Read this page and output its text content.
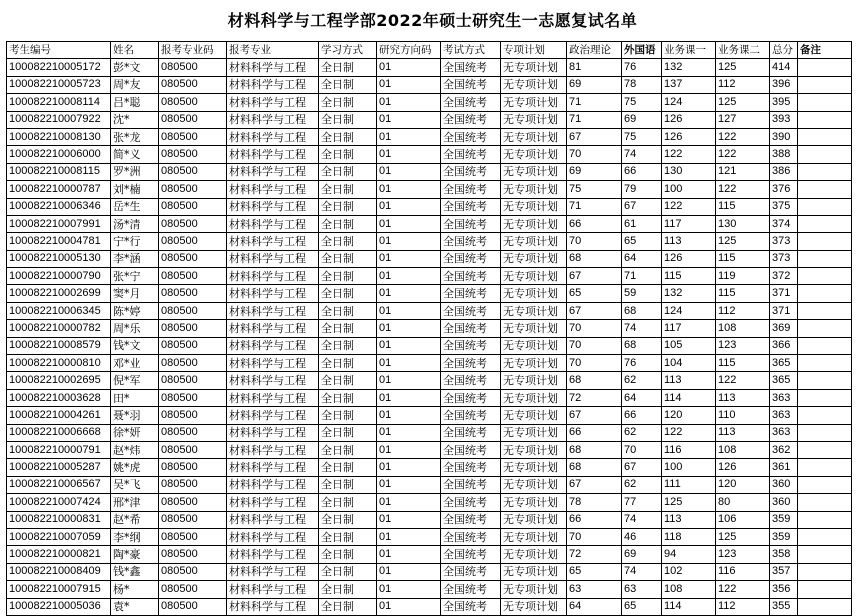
材料科学与工程学部2022年硕士研究生一志愿复试名单
考生编号	姓名	报考专业码	报考专业	学习方式	研究方向码	考试方式	专项计划	政治理论	外国语	业务课一	业务课二	总分	备注
100082210005172	彭*文	080500	材料科学与工程	全日制	01	全国统考	无专项计划	81	76	132	125	414	
100082210005723	周*友	080500	材料科学与工程	全日制	01	全国统考	无专项计划	69	78	137	112	396	
100082210008114	吕*聪	080500	材料科学与工程	全日制	01	全国统考	无专项计划	71	75	124	125	395	
100082210007922	沈*	080500	材料科学与工程	全日制	01	全国统考	无专项计划	71	69	126	127	393	
100082210008130	张*龙	080500	材料科学与工程	全日制	01	全国统考	无专项计划	67	75	126	122	390	
100082210006000	简*义	080500	材料科学与工程	全日制	01	全国统考	无专项计划	70	74	122	122	388	
100082210008115	罗*洲	080500	材料科学与工程	全日制	01	全国统考	无专项计划	69	66	130	121	386	
100082210000787	刘*楠	080500	材料科学与工程	全日制	01	全国统考	无专项计划	75	79	100	122	376	
100082210006346	岳*生	080500	材料科学与工程	全日制	01	全国统考	无专项计划	71	67	122	115	375	
100082210007991	汤*清	080500	材料科学与工程	全日制	01	全国统考	无专项计划	66	61	117	130	374	
100082210004781	宁*行	080500	材料科学与工程	全日制	01	全国统考	无专项计划	70	65	113	125	373	
100082210005130	李*涵	080500	材料科学与工程	全日制	01	全国统考	无专项计划	68	64	126	115	373	
100082210000790	张*宁	080500	材料科学与工程	全日制	01	全国统考	无专项计划	67	71	115	119	372	
100082210002699	窦*月	080500	材料科学与工程	全日制	01	全国统考	无专项计划	65	59	132	115	371	
100082210006345	陈*婷	080500	材料科学与工程	全日制	01	全国统考	无专项计划	67	68	124	112	371	
100082210000782	周*乐	080500	材料科学与工程	全日制	01	全国统考	无专项计划	70	74	117	108	369	
100082210008579	钱*文	080500	材料科学与工程	全日制	01	全国统考	无专项计划	70	68	105	123	366	
100082210000810	邓*业	080500	材料科学与工程	全日制	01	全国统考	无专项计划	70	76	104	115	365	
100082210002695	倪*军	080500	材料科学与工程	全日制	01	全国统考	无专项计划	68	62	113	122	365	
100082210003628	田*	080500	材料科学与工程	全日制	01	全国统考	无专项计划	72	64	114	113	363	
100082210004261	聂*羽	080500	材料科学与工程	全日制	01	全国统考	无专项计划	67	66	120	110	363	
100082210006668	徐*妍	080500	材料科学与工程	全日制	01	全国统考	无专项计划	66	62	122	113	363	
100082210000791	赵*炜	080500	材料科学与工程	全日制	01	全国统考	无专项计划	68	70	116	108	362	
100082210005287	姚*虎	080500	材料科学与工程	全日制	01	全国统考	无专项计划	68	67	100	126	361	
100082210006567	吴*飞	080500	材料科学与工程	全日制	01	全国统考	无专项计划	67	62	111	120	360	
100082210007424	邢*津	080500	材料科学与工程	全日制	01	全国统考	无专项计划	78	77	125	80	360	
100082210000831	赵*希	080500	材料科学与工程	全日制	01	全国统考	无专项计划	66	74	113	106	359	
100082210007059	李*纲	080500	材料科学与工程	全日制	01	全国统考	无专项计划	70	46	118	125	359	
100082210000821	陶*豪	080500	材料科学与工程	全日制	01	全国统考	无专项计划	72	69	94	123	358	
100082210008409	钱*鑫	080500	材料科学与工程	全日制	01	全国统考	无专项计划	65	74	102	116	357	
100082210007915	杨*	080500	材料科学与工程	全日制	01	全国统考	无专项计划	63	63	108	122	356	
100082210005036	袁*	080500	材料科学与工程	全日制	01	全国统考	无专项计划	64	65	114	112	355	
